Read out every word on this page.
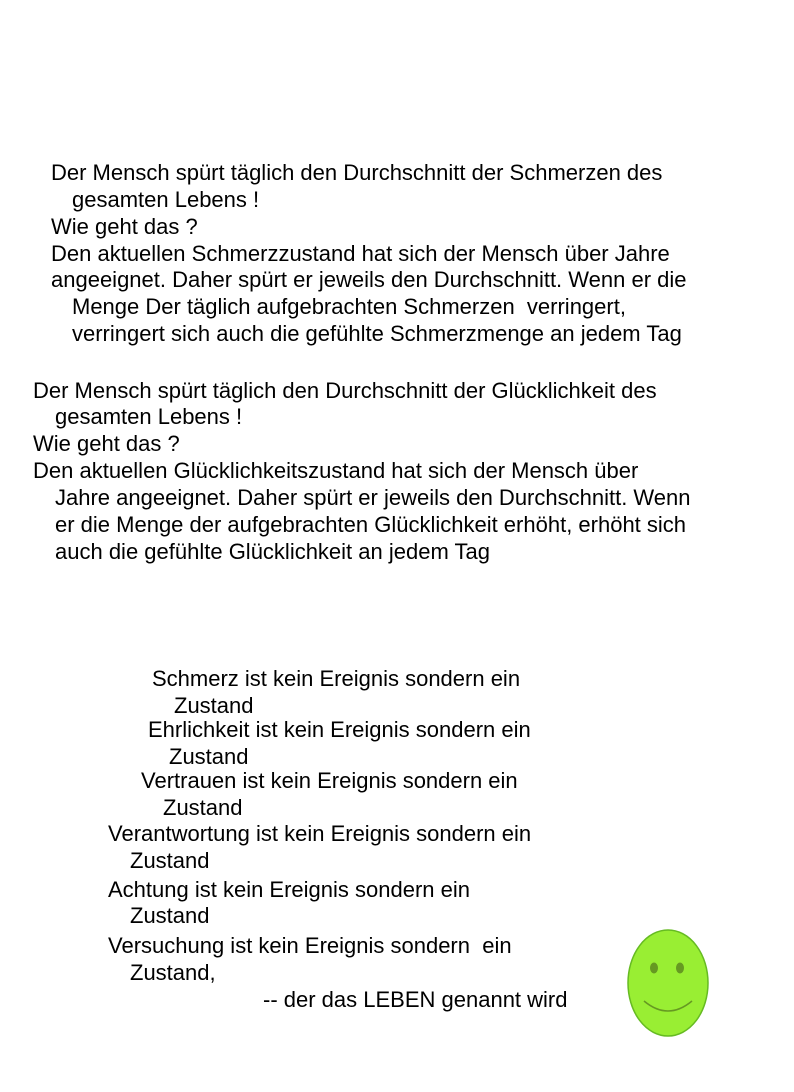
Der Mensch spürt täglich den Durchschnitt der Schmerzen des
gesamten Lebens !
Wie geht das ?
Den aktuellen Schmerzzustand hat sich der Mensch über Jahre
angeeignet. Daher spürt er jeweils den Durchschnitt. Wenn er die
Menge Der täglich aufgebrachten Schmerzen  verringert,
verringert sich auch die gefühlte Schmerzmenge an jedem Tag
Der Mensch spürt täglich den Durchschnitt der Glücklichkeit des
gesamten Lebens !
Wie geht das ?
Den aktuellen Glücklichkeitszustand hat sich der Mensch über
Jahre angeeignet. Daher spürt er jeweils den Durchschnitt. Wenn
er die Menge der aufgebrachten Glücklichkeit erhöht, erhöht sich
auch die gefühlte Glücklichkeit an jedem Tag
Schmerz ist kein Ereignis sondern ein
Zustand
Ehrlichkeit ist kein Ereignis sondern ein
Zustand
Vertrauen ist kein Ereignis sondern ein
Zustand
Verantwortung ist kein Ereignis sondern ein
Zustand
Achtung ist kein Ereignis sondern ein
Zustand
Versuchung ist kein Ereignis sondern  ein
Zustand,
-- der das LEBEN genannt wird
